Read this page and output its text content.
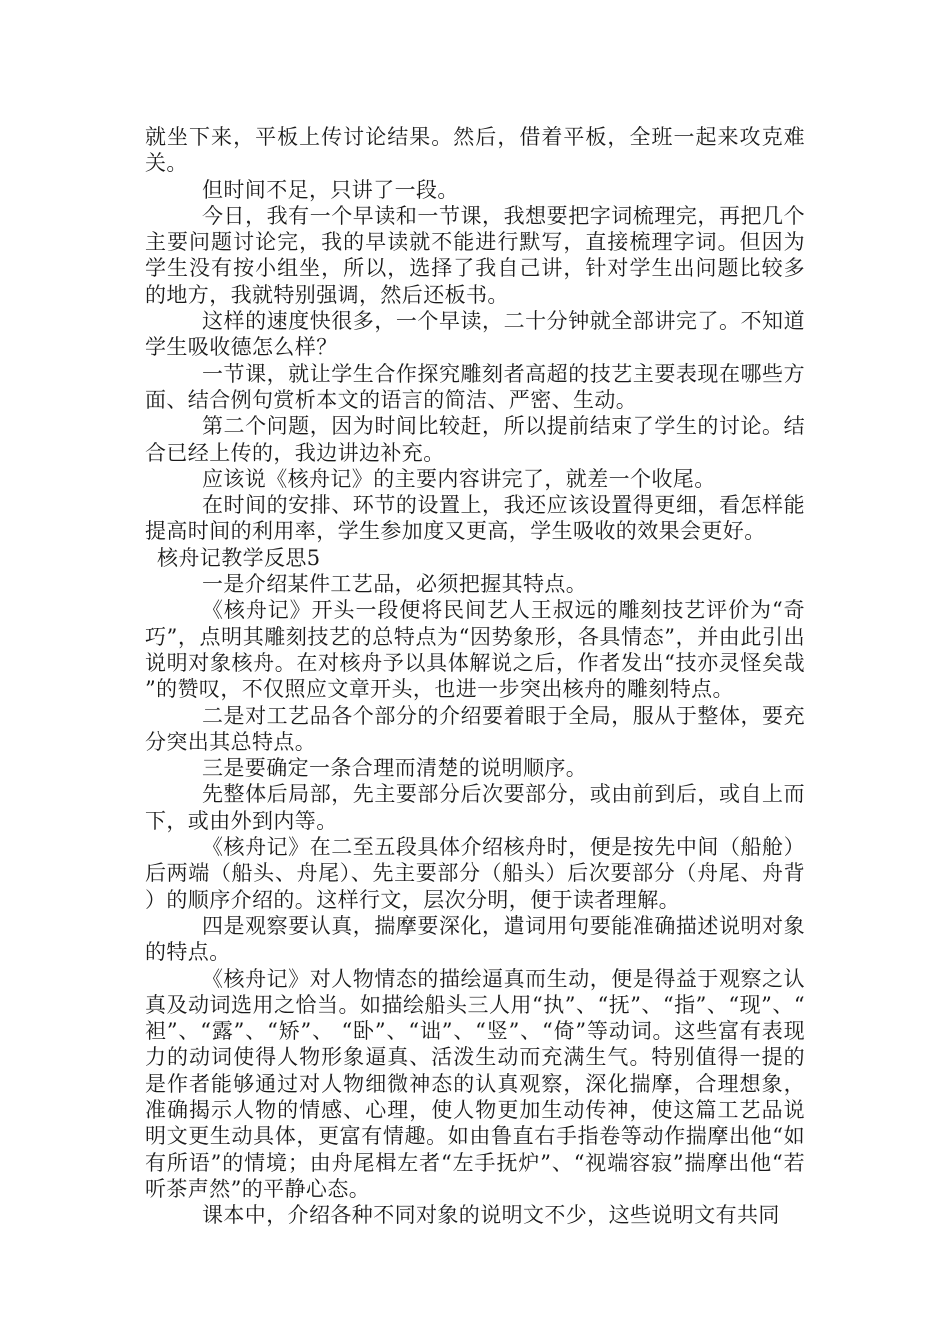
就坐下来，平板上传讨论结果。然后，借着平板，全班一起来攻克难关。

但时间不足，只讲了一段。

今日，我有一个早读和一节课，我想要把字词梳理完，再把几个主要问题讨论完，我的早读就不能进行默写，直接梳理字词。但因为学生没有按小组坐，所以，选择了我自己讲，针对学生出问题比较多的地方，我就特别强调，然后还板书。

这样的速度快很多，一个早读，二十分钟就全部讲完了。不知道学生吸收德怎么样？

一节课，就让学生合作探究雕刻者高超的技艺主要表现在哪些方面、结合例句赏析本文的语言的简洁、严密、生动。

第二个问题，因为时间比较赶，所以提前结束了学生的讨论。结合已经上传的，我边讲边补充。

应该说《核舟记》的主要内容讲完了，就差一个收尾。

在时间的安排、环节的设置上，我还应该设置得更细，看怎样能提高时间的利用率，学生参加度又更高，学生吸收的效果会更好。

核舟记教学反思5

一是介绍某件工艺品，必须把握其特点。

《核舟记》开头一段便将民间艺人王叔远的雕刻技艺评价为“奇巧”，点明其雕刻技艺的总特点为“因势象形，各具情态”，并由此引出说明对象核舟。在对核舟予以具体解说之后，作者发出“技亦灵怪矣哉”的赞叹，不仅照应文章开头，也进一步突出核舟的雕刻特点。

二是对工艺品各个部分的介绍要着眼于全局，服从于整体，要充分突出其总特点。

三是要确定一条合理而清楚的说明顺序。

先整体后局部，先主要部分后次要部分，或由前到后，或自上而下，或由外到内等。

《核舟记》在二至五段具体介绍核舟时，便是按先中间（船舱）后两端（船头、舟尾）、先主要部分（船头）后次要部分（舟尾、舟背）的顺序介绍的。这样行文，层次分明，便于读者理解。

四是观察要认真，揣摩要深化，遣词用句要能准确描述说明对象的特点。

《核舟记》对人物情态的描绘逼真而生动，便是得益于观察之认真及动词选用之恰当。如描绘船头三人用“执”、“抚”、“指”、“现”、“袒”、“露”、“矫”、 “卧”、“诎”、“竖”、“倚”等动词。这些富有表现力的动词使得人物形象逼真、活泼生动而充满生气。特别值得一提的是作者能够通过对人物细微神态的认真观察，深化揣摩，合理想象，准确揭示人物的情感、心理，使人物更加生动传神，使这篇工艺品说明文更生动具体，更富有情趣。如由鲁直右手指卷等动作揣摩出他“如有所语”的情境；由舟尾楫左者“左手抚炉”、“视端容寂”揣摩出他“若听茶声然”的平静心态。

课本中，介绍各种不同对象的说明文不少，这些说明文有共同
